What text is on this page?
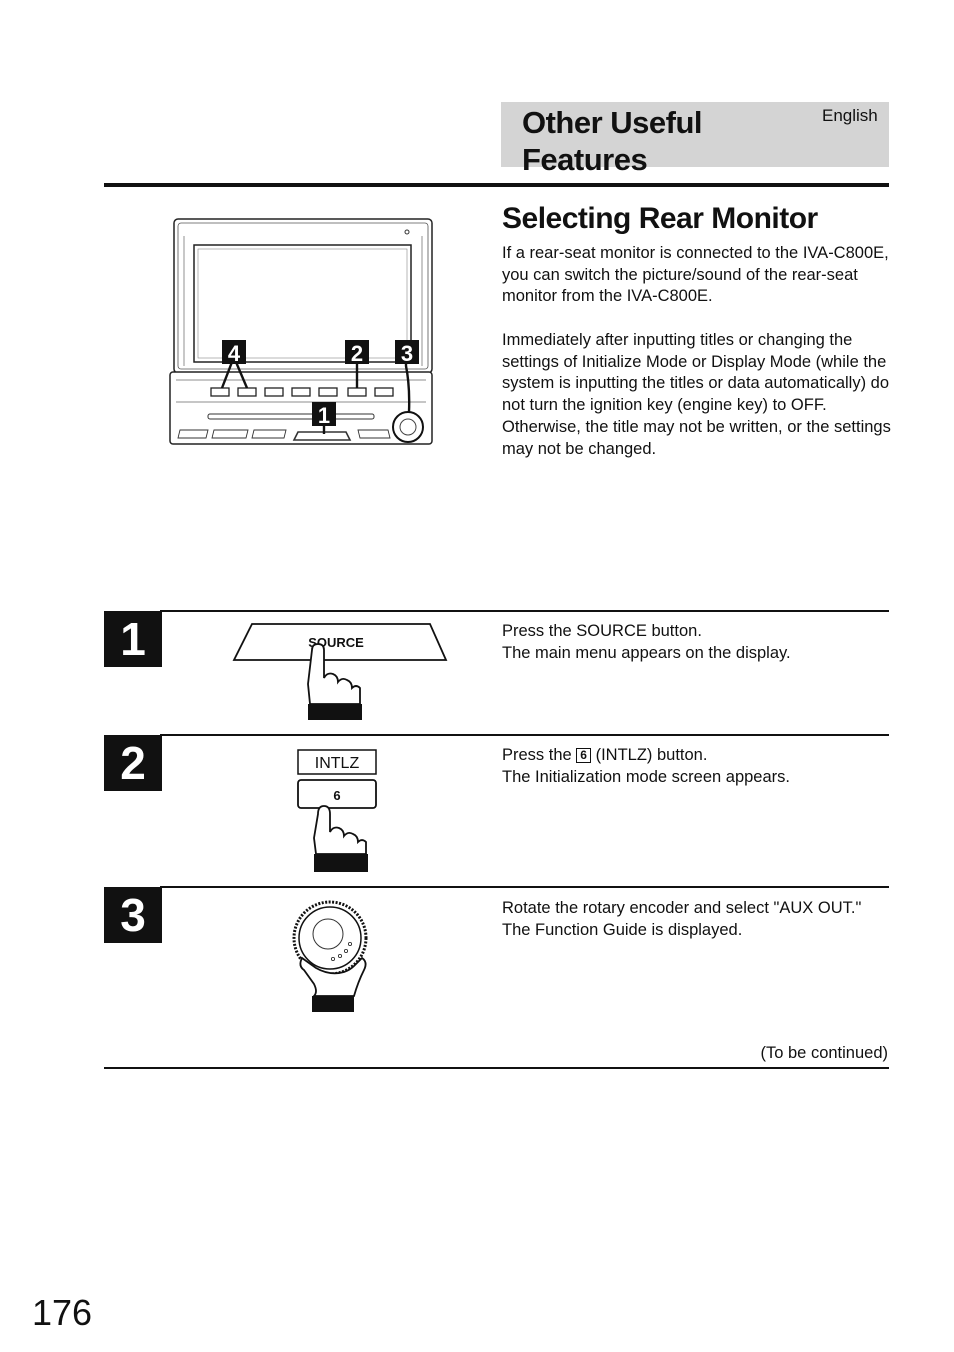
Other Useful Features
English
4	2 3
1
Selecting Rear Monitor

If a rear-seat monitor is connected to the IVA-C800E, you can switch the picture/sound of the rear-seat monitor from the IVA-C800E.

Immediately after inputting titles or changing the settings of Initialize Mode or Display Mode (while the system is inputting the titles or data automatically) do not turn the ignition key (engine key) to OFF.
Otherwise, the title may not be written, or the settings may not be changed.

1	SOURCE
Press the SOURCE button.
The main menu appears on the display.
2	INTLZ
6
Press the 6 (INTLZ) button.
The Initialization mode screen appears.
3	Rotate the rotary encoder and select "AUX OUT."
The Function Guide is displayed.
(To be continued)
176
